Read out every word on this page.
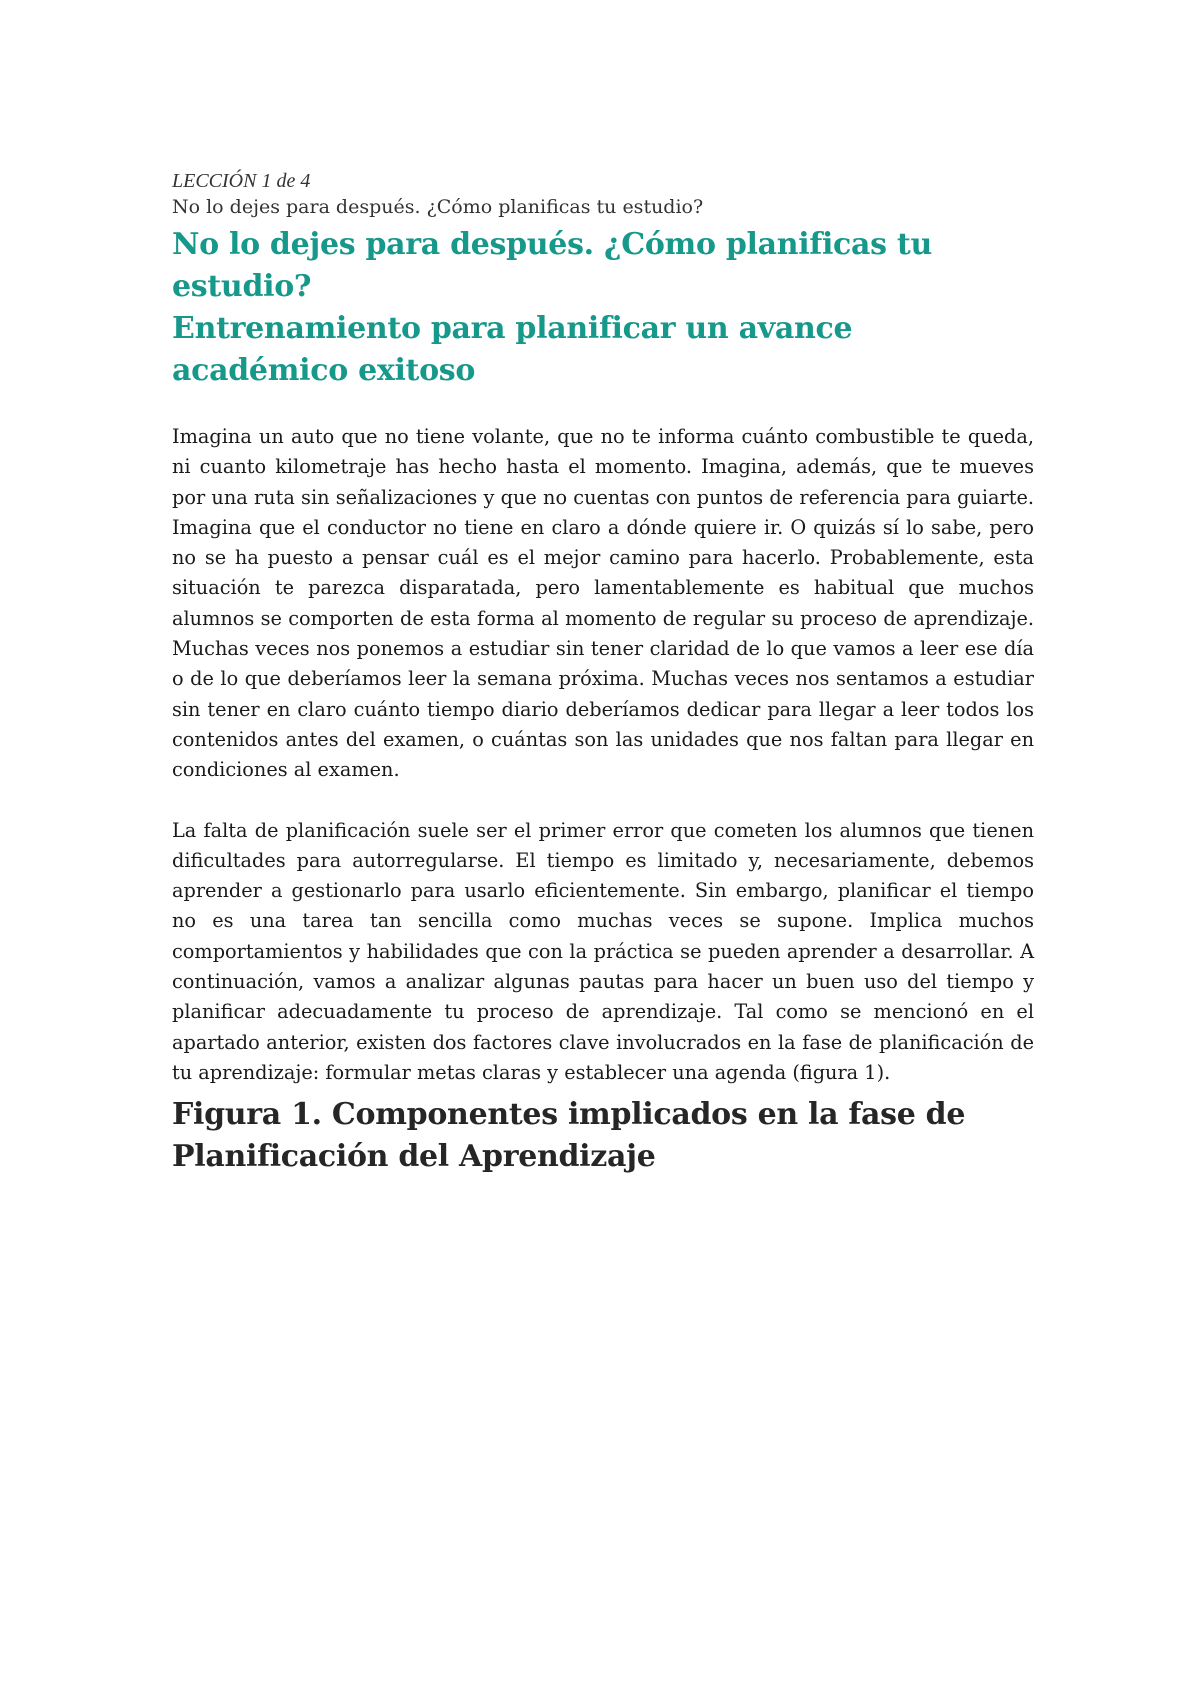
LECCIÓN 1 de 4

No lo dejes para después. ¿Cómo planificas tu estudio?

No lo dejes para después. ¿Cómo planificas tu estudio?
Entrenamiento para planificar un avance académico exitoso

Imagina un auto que no tiene volante, que no te informa cuánto combustible te queda, ni cuanto kilometraje has hecho hasta el momento. Imagina, además, que te mueves por una ruta sin señalizaciones y que no cuentas con puntos de referencia para guiarte. Imagina que el conductor no tiene en claro a dónde quiere ir. O quizás sí lo sabe, pero no se ha puesto a pensar cuál es el mejor camino para hacerlo. Probablemente, esta situación te parezca disparatada, pero lamentablemente es habitual que muchos alumnos se comporten de esta forma al momento de regular su proceso de aprendizaje. Muchas veces nos ponemos a estudiar sin tener claridad de lo que vamos a leer ese día o de lo que deberíamos leer la semana próxima. Muchas veces nos sentamos a estudiar sin tener en claro cuánto tiempo diario deberíamos dedicar para llegar a leer todos los contenidos antes del examen, o cuántas son las unidades que nos faltan para llegar en condiciones al examen.

La falta de planificación suele ser el primer error que cometen los alumnos que tienen dificultades para autorregularse. El tiempo es limitado y, necesariamente, debemos aprender a gestionarlo para usarlo eficientemente. Sin embargo, planificar el tiempo no es una tarea tan sencilla como muchas veces se supone. Implica muchos comportamientos y habilidades que con la práctica se pueden aprender a desarrollar. A continuación, vamos a analizar algunas pautas para hacer un buen uso del tiempo y planificar adecuadamente tu proceso de aprendizaje. Tal como se mencionó en el apartado anterior, existen dos factores clave involucrados en la fase de planificación de tu aprendizaje: formular metas claras y establecer una agenda (figura 1).

Figura 1. Componentes implicados en la fase de Planificación del Aprendizaje
